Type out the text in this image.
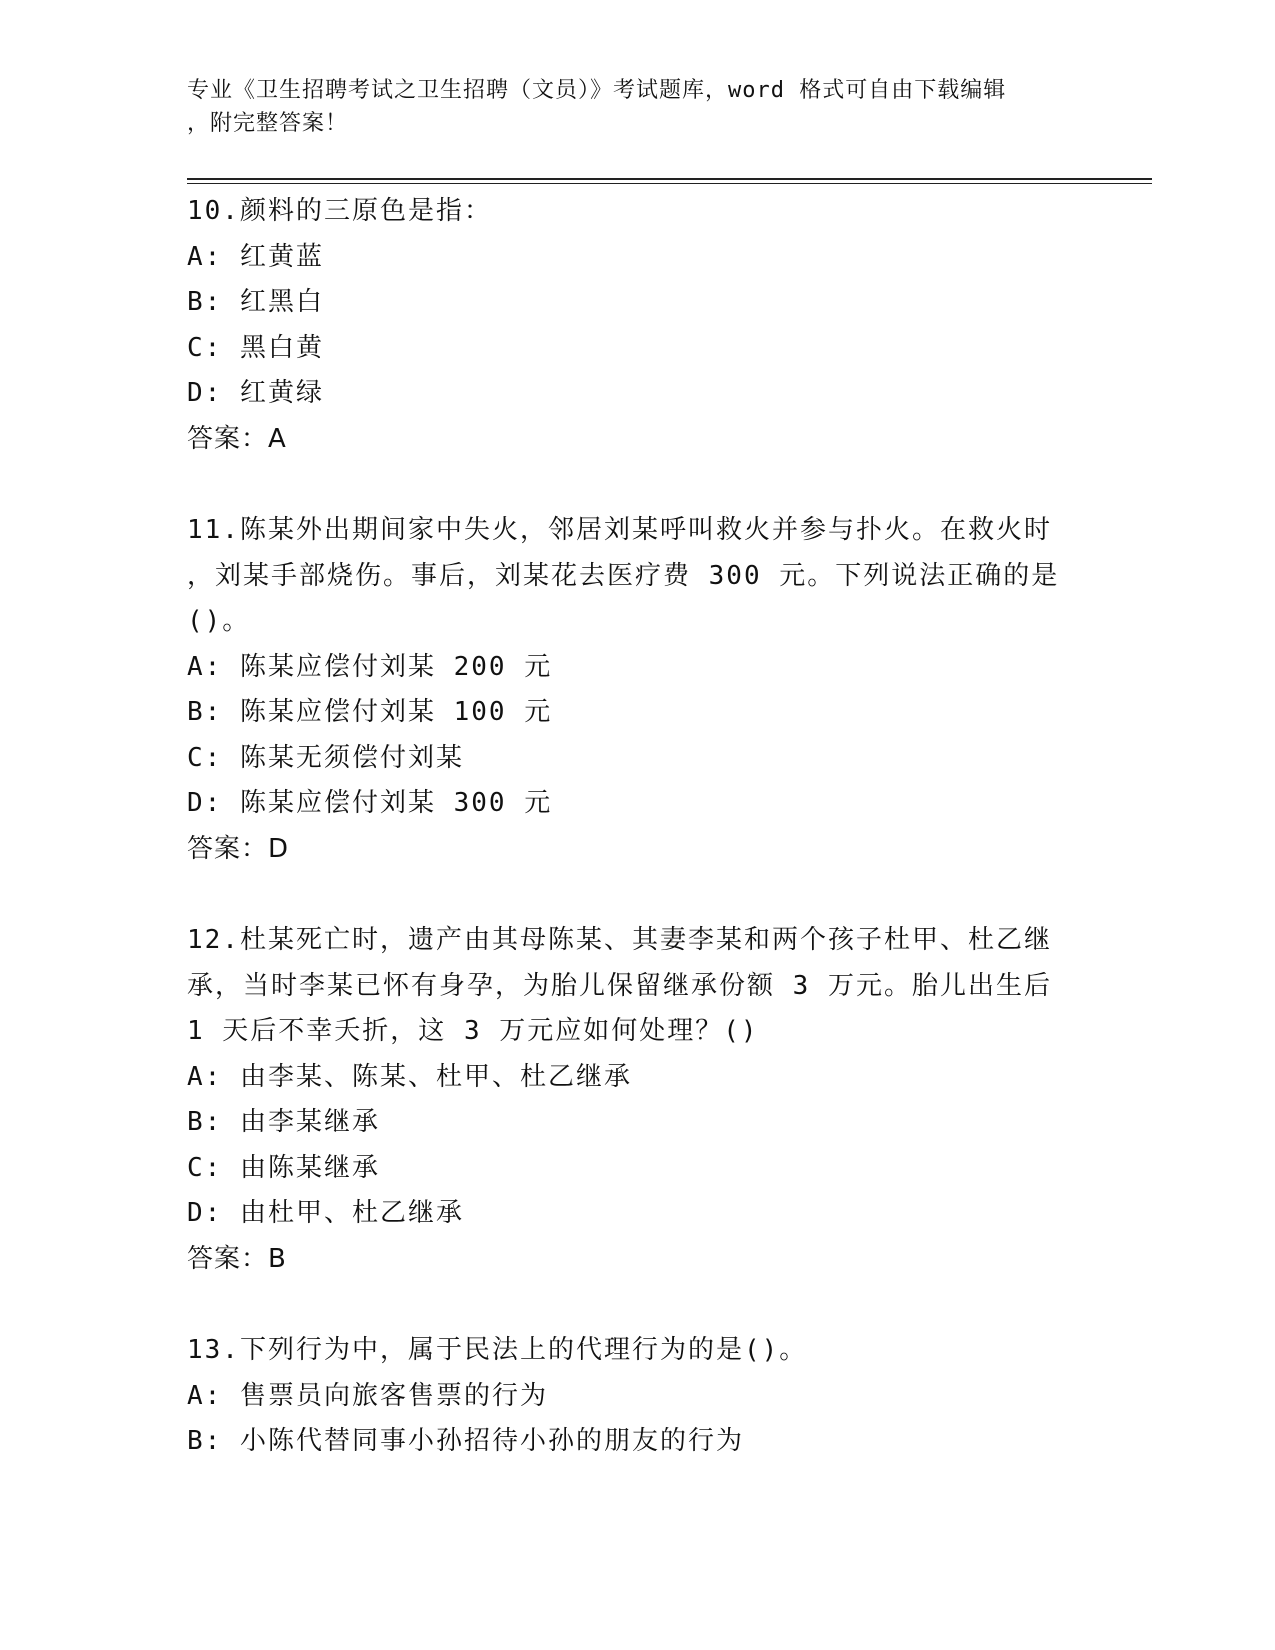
专业《卫生招聘考试之卫生招聘（文员）》考试题库，word 格式可自由下载编辑
，附完整答案！
10.颜料的三原色是指：
A: 红黄蓝
B: 红黑白
C: 黑白黄
D: 红黄绿
答案：A
11.陈某外出期间家中失火，邻居刘某呼叫救火并参与扑火。在救火时
，刘某手部烧伤。事后，刘某花去医疗费 300 元。下列说法正确的是
()。
A: 陈某应偿付刘某 200 元
B: 陈某应偿付刘某 100 元
C: 陈某无须偿付刘某
D: 陈某应偿付刘某 300 元
答案：D
12.杜某死亡时，遗产由其母陈某、其妻李某和两个孩子杜甲、杜乙继
承，当时李某已怀有身孕，为胎儿保留继承份额 3 万元。胎儿出生后
1 天后不幸夭折，这 3 万元应如何处理？()
A: 由李某、陈某、杜甲、杜乙继承
B: 由李某继承
C: 由陈某继承
D: 由杜甲、杜乙继承
答案：B
13.下列行为中，属于民法上的代理行为的是()。
A: 售票员向旅客售票的行为
B: 小陈代替同事小孙招待小孙的朋友的行为
